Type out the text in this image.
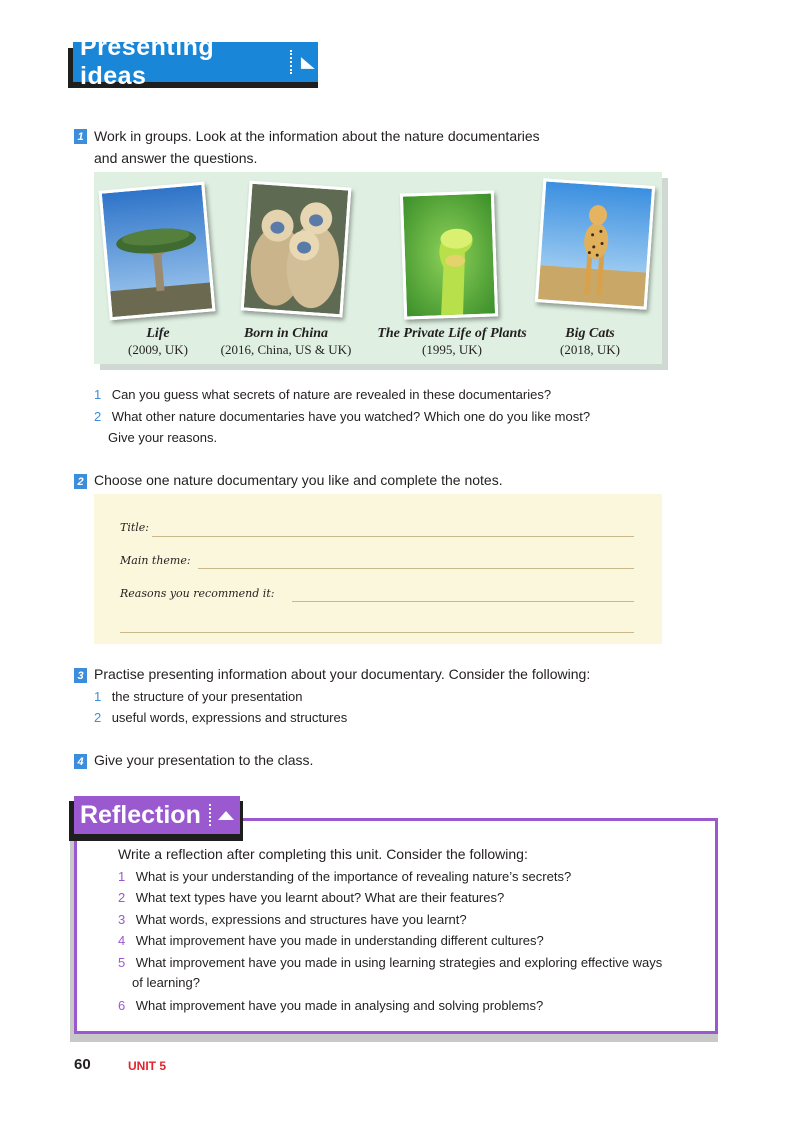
Presenting ideas
1 Work in groups. Look at the information about the nature documentaries
and answer the questions.
Life
(2009, UK)
Born in China
(2016, China, US & UK)
The Private Life of Plants
(1995, UK)
Big Cats
(2018, UK)
1 Can you guess what secrets of nature are revealed in these documentaries?
2 What other nature documentaries have you watched? Which one do you like most?
Give your reasons.
2 Choose one nature documentary you like and complete the notes.
Title:
Main theme:
Reasons you recommend it:
3 Practise presenting information about your documentary. Consider the following:
1 the structure of your presentation
2 useful words, expressions and structures
4 Give your presentation to the class.
Reflection
Write a reflection after completing this unit. Consider the following:
1 What is your understanding of the importance of revealing nature’s secrets?
2 What text types have you learnt about? What are their features?
3 What words, expressions and structures have you learnt?
4 What improvement have you made in understanding different cultures?
5 What improvement have you made in using learning strategies and exploring effective ways
of learning?
6 What improvement have you made in analysing and solving problems?
60	UNIT 5
